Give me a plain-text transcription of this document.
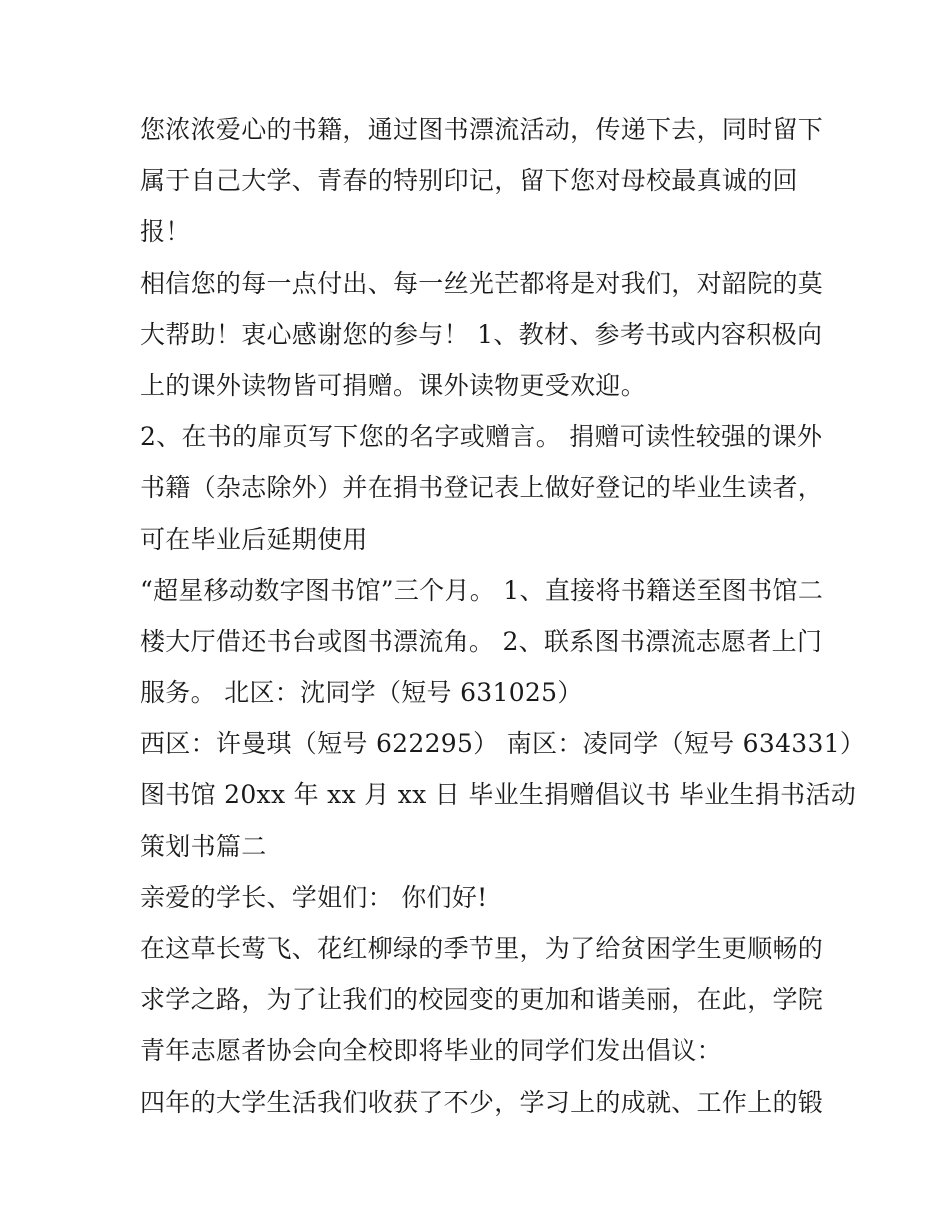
您浓浓爱心的书籍，通过图书漂流活动，传递下去，同时留下
属于自己大学、青春的特别印记，留下您对母校最真诚的回
报！
相信您的每一点付出、每一丝光芒都将是对我们，对韶院的莫
大帮助！衷心感谢您的参与！ 1、教材、参考书或内容积极向
上的课外读物皆可捐赠。课外读物更受欢迎。
2、在书的扉页写下您的名字或赠言。 捐赠可读性较强的课外
书籍（杂志除外）并在捐书登记表上做好登记的毕业生读者，
可在毕业后延期使用
“超星移动数字图书馆”三个月。 1、直接将书籍送至图书馆二
楼大厅借还书台或图书漂流角。 2、联系图书漂流志愿者上门
服务。 北区：沈同学（短号 631025）
西区：许曼琪（短号 622295） 南区：凌同学（短号 634331）
图书馆 20xx 年 xx 月 xx 日 毕业生捐赠倡议书 毕业生捐书活动
策划书篇二
亲爱的学长、学姐们： 你们好!
在这草长莺飞、花红柳绿的季节里，为了给贫困学生更顺畅的
求学之路，为了让我们的校园变的更加和谐美丽，在此，学院
青年志愿者协会向全校即将毕业的同学们发出倡议：
四年的大学生活我们收获了不少，学习上的成就、工作上的锻
